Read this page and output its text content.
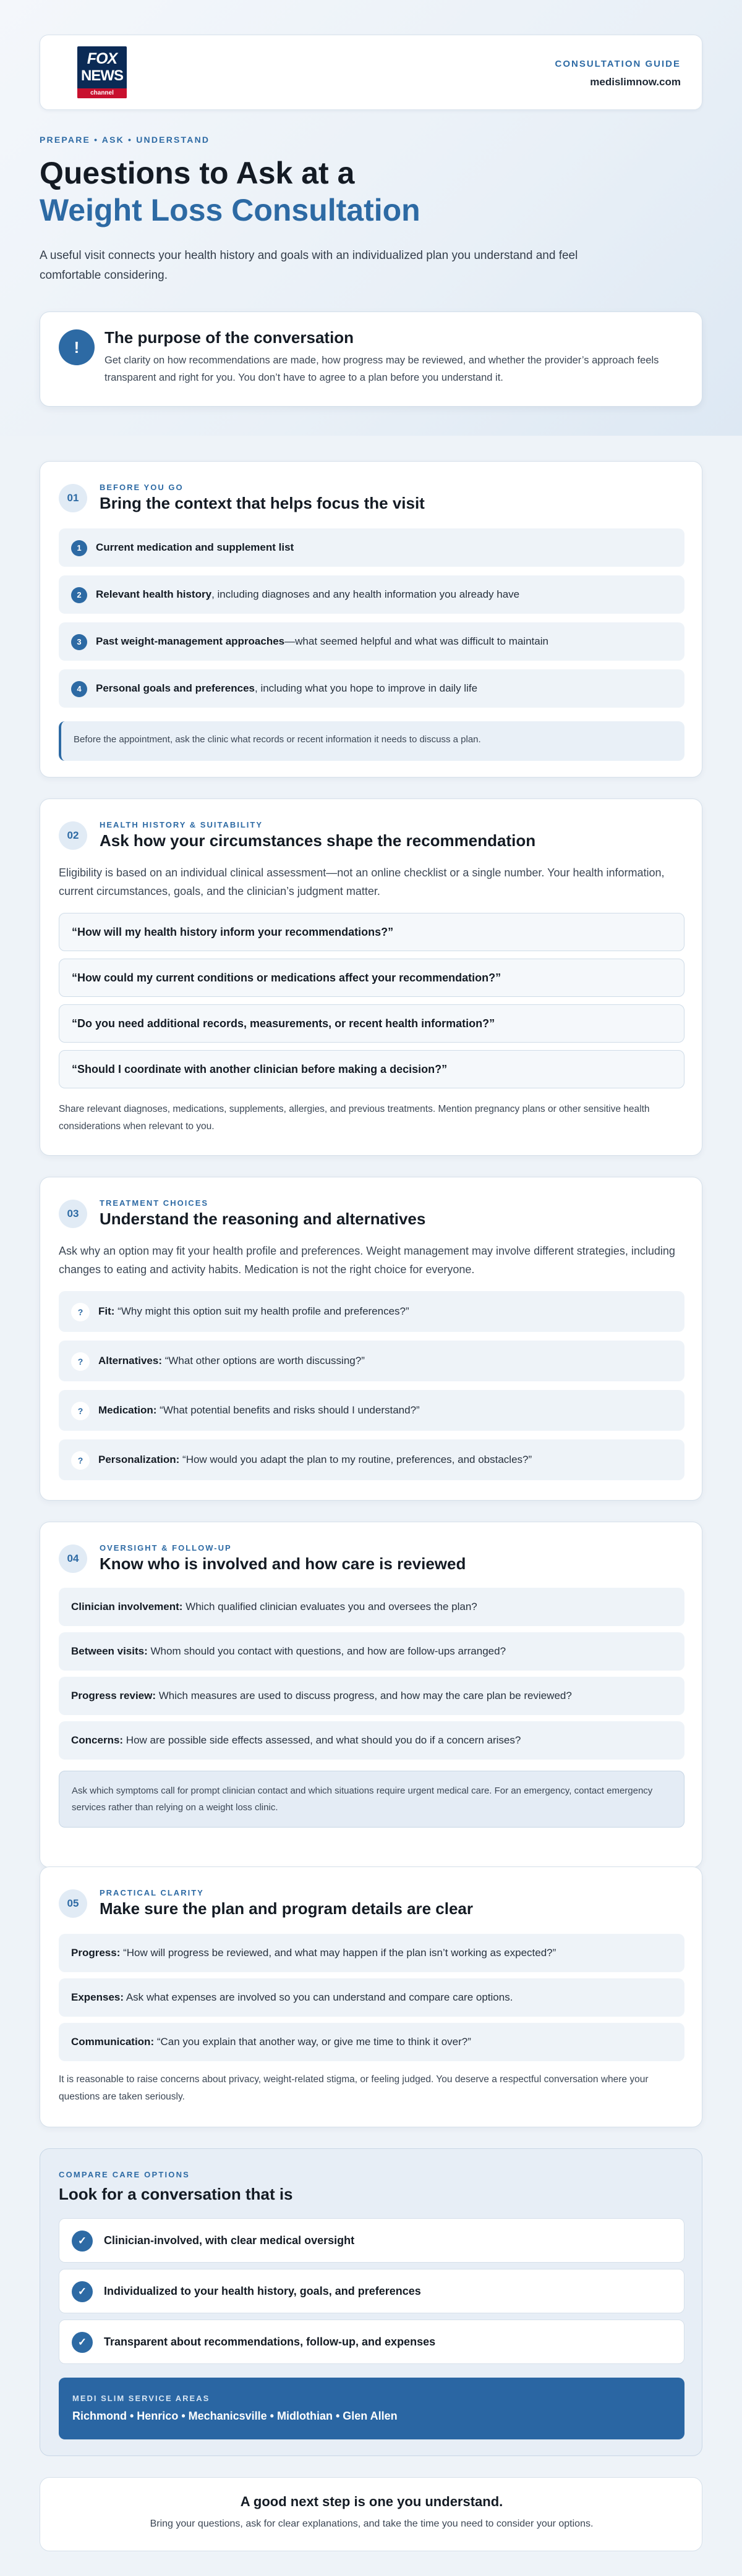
FOX
NEWS
channel
CONSULTATION GUIDE
medislimnow.com
PREPARE • ASK • UNDERSTAND
Questions to Ask at a
Weight Loss Consultation
A useful visit connects your health history and goals with an individualized plan you understand and feel comfortable considering.
!
The purpose of the conversation

Get clarity on how recommendations are made, how progress may be reviewed, and whether the provider’s approach feels transparent and right for you. You don’t have to agree to a plan before you understand it.

01
BEFORE YOU GO
Bring the context that helps focus the visit
1 Current medication and supplement list
2 Relevant health history, including diagnoses and any health information you already have
3 Past weight-management approaches—what seemed helpful and what was difficult to maintain
4 Personal goals and preferences, including what you hope to improve in daily life
Before the appointment, ask the clinic what records or recent information it needs to discuss a plan.
02
HEALTH HISTORY & SUITABILITY
Ask how your circumstances shape the recommendation
Eligibility is based on an individual clinical assessment—not an online checklist or a single number. Your health information, current circumstances, goals, and the clinician’s judgment matter.
“How will my health history inform your recommendations?”
“How could my current conditions or medications affect your recommendation?”
“Do you need additional records, measurements, or recent health information?”
“Should I coordinate with another clinician before making a decision?”
Share relevant diagnoses, medications, supplements, allergies, and previous treatments. Mention pregnancy plans or other sensitive health considerations when relevant to you.
03
TREATMENT CHOICES
Understand the reasoning and alternatives
Ask why an option may fit your health profile and preferences. Weight management may involve different strategies, including changes to eating and activity habits. Medication is not the right choice for everyone.
? Fit: “Why might this option suit my health profile and preferences?”
? Alternatives: “What other options are worth discussing?”
? Medication: “What potential benefits and risks should I understand?”
? Personalization: “How would you adapt the plan to my routine, preferences, and obstacles?”
04
OVERSIGHT & FOLLOW-UP
Know who is involved and how care is reviewed
Clinician involvement: Which qualified clinician evaluates you and oversees the plan?
Between visits: Whom should you contact with questions, and how are follow-ups arranged?
Progress review: Which measures are used to discuss progress, and how may the care plan be reviewed?
Concerns: How are possible side effects assessed, and what should you do if a concern arises?
Ask which symptoms call for prompt clinician contact and which situations require urgent medical care. For an emergency, contact emergency services rather than relying on a weight loss clinic.
05
PRACTICAL CLARITY
Make sure the plan and program details are clear
Progress: “How will progress be reviewed, and what may happen if the plan isn’t working as expected?”
Expenses: Ask what expenses are involved so you can understand and compare care options.
Communication: “Can you explain that another way, or give me time to think it over?”
It is reasonable to raise concerns about privacy, weight-related stigma, or feeling judged. You deserve a respectful conversation where your questions are taken seriously.
COMPARE CARE OPTIONS
Look for a conversation that is
✓ Clinician-involved, with clear medical oversight
✓ Individualized to your health history, goals, and preferences
✓ Transparent about recommendations, follow-up, and expenses
MEDI SLIM SERVICE AREAS
Richmond • Henrico • Mechanicsville • Midlothian • Glen Allen
A good next step is one you understand.

Bring your questions, ask for clear explanations, and take the time you need to consider your options.
